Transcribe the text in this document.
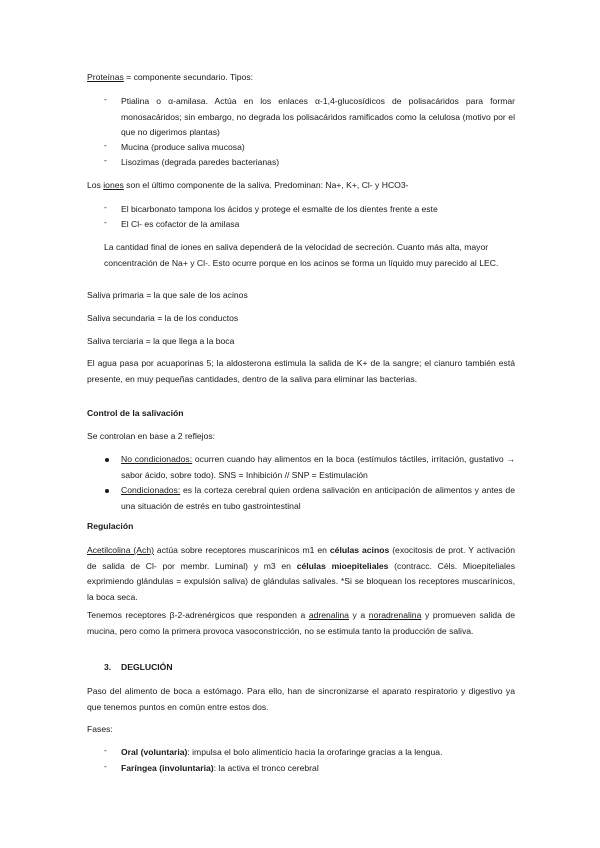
Proteínas = componente secundario. Tipos:

- Ptialina o α-amilasa. Actúa en los enlaces α-1,4-glucosídicos de polisacáridos para formar monosacáridos; sin embargo, no degrada los polisacáridos ramificados como la celulosa (motivo por el que no digerimos plantas)

- Mucina (produce saliva mucosa)

- Lisozimas (degrada paredes bacterianas)

Los iones son el último componente de la saliva. Predominan: Na+, K+, Cl- y HCO3-

- El bicarbonato tampona los ácidos y protege el esmalte de los dientes frente a este

- El Cl- es cofactor de la amilasa

La cantidad final de iones en saliva dependerá de la velocidad de secreción. Cuanto más alta, mayor concentración de Na+ y Cl-. Esto ocurre porque en los acinos se forma un líquido muy parecido al LEC.

Saliva primaria = la que sale de los acinos

Saliva secundaria = la de los conductos

Saliva terciaria = la que llega a la boca

El agua pasa por acuaporinas 5; la aldosterona estimula la salida de K+ de la sangre; el cianuro también está presente, en muy pequeñas cantidades, dentro de la saliva para eliminar las bacterias.

Control de la salivación

Se controlan en base a 2 reflejos:

No condicionados: ocurren cuando hay alimentos en la boca (estímulos táctiles, irritación, gustativo → sabor ácido, sobre todo). SNS = Inhibición // SNP = Estimulación

Condicionados: es la corteza cerebral quien ordena salivación en anticipación de alimentos y antes de una situación de estrés en tubo gastrointestinal

Regulación

Acetilcolina (Ach) actúa sobre receptores muscarínicos m1 en células acinos (exocitosis de prot. Y activación de salida de Cl- por membr. Luminal) y m3 en células mioepiteliales (contracc. Céls. Mioepiteliales exprimiendo glándulas = expulsión saliva) de glándulas salivales. *Si se bloquean los receptores muscarínicos, la boca seca.

Tenemos receptores β-2-adrenérgicos que responden a adrenalina y a noradrenalina y promueven salida de mucina, pero como la primera provoca vasoconstricción, no se estimula tanto la producción de saliva.

3. DEGLUCIÓN

Paso del alimento de boca a estómago. Para ello, han de sincronizarse el aparato respiratorio y digestivo ya que tenemos puntos en común entre estos dos.

Fases:

- Oral (voluntaria): impulsa el bolo alimenticio hacia la orofaringe gracias a la lengua.

- Faríngea (involuntaria): la activa el tronco cerebral
